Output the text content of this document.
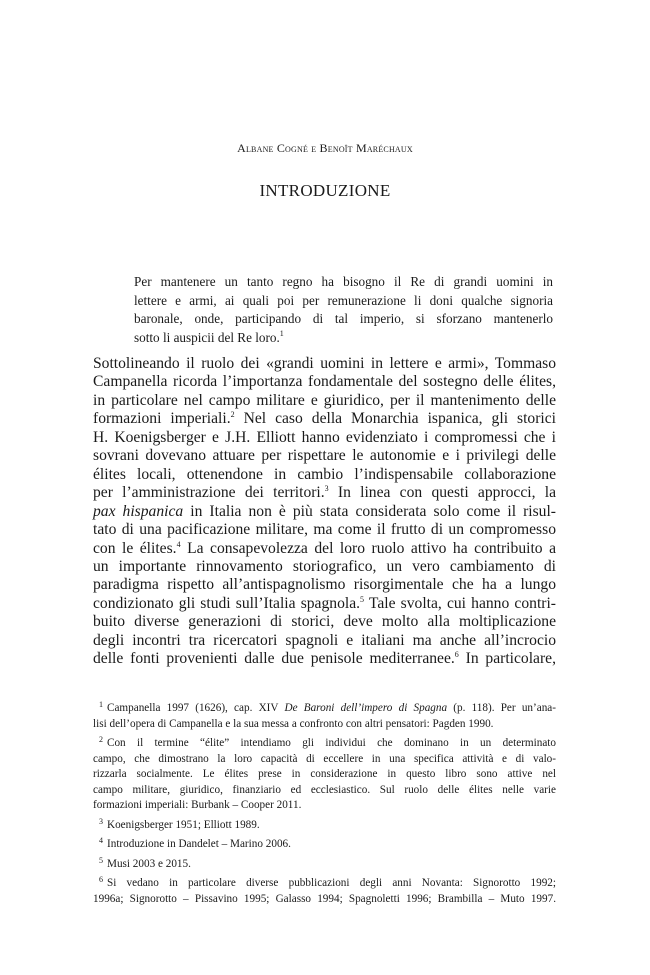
Albane Cogné e Benoît Maréchaux
INTRODUZIONE
Per mantenere un tanto regno ha bisogno il Re di grandi uomini in
lettere e armi, ai quali poi per remunerazione li doni qualche signoria
baronale, onde, participando di tal imperio, si sforzano mantenerlo
sotto li auspicii del Re loro.$^1$
Sottolineando il ruolo dei «grandi uomini in lettere e armi», Tommaso
Campanella ricorda l’importanza fondamentale del sostegno delle élites,
in particolare nel campo militare e giuridico, per il mantenimento delle
formazioni imperiali.$^2$ Nel caso della Monarchia ispanica, gli storici
H. Koenigsberger e J.H. Elliott hanno evidenziato i compromessi che i
sovrani dovevano attuare per rispettare le autonomie e i privilegi delle
élites locali, ottenendone in cambio l’indispensabile collaborazione
per l’amministrazione dei territori.$^3$ In linea con questi approcci, la
pax hispanica in Italia non è più stata considerata solo come il risul-
tato di una pacificazione militare, ma come il frutto di un compromesso
con le élites.$^4$ La consapevolezza del loro ruolo attivo ha contribuito a
un importante rinnovamento storiografico, un vero cambiamento di
paradigma rispetto all’antispagnolismo risorgimentale che ha a lungo
condizionato gli studi sull’Italia spagnola.$^5$ Tale svolta, cui hanno contri-
buito diverse generazioni di storici, deve molto alla moltiplicazione
degli incontri tra ricercatori spagnoli e italiani ma anche all’incrocio
delle fonti provenienti dalle due penisole mediterranee.$^6$ In particolare,
$^1$ Campanella 1997 (1626), cap. XIV De Baroni dell’impero di Spagna (p. 118). Per un’ana-
lisi dell’opera di Campanella e la sua messa a confronto con altri pensatori: Pagden 1990.
$^2$ Con il termine “élite” intendiamo gli individui che dominano in un determinato
campo, che dimostrano la loro capacità di eccellere in una specifica attività e di valo-
rizzarla socialmente. Le élites prese in considerazione in questo libro sono attive nel
campo militare, giuridico, finanziario ed ecclesiastico. Sul ruolo delle élites nelle varie
formazioni imperiali: Burbank – Cooper 2011.
$^3$ Koenigsberger 1951; Elliott 1989.
$^4$ Introduzione in Dandelet – Marino 2006.
$^5$ Musi 2003 e 2015.
$^6$ Si vedano in particolare diverse pubblicazioni degli anni Novanta: Signorotto 1992;
1996a; Signorotto – Pissavino 1995; Galasso 1994; Spagnoletti 1996; Brambilla – Muto 1997.
